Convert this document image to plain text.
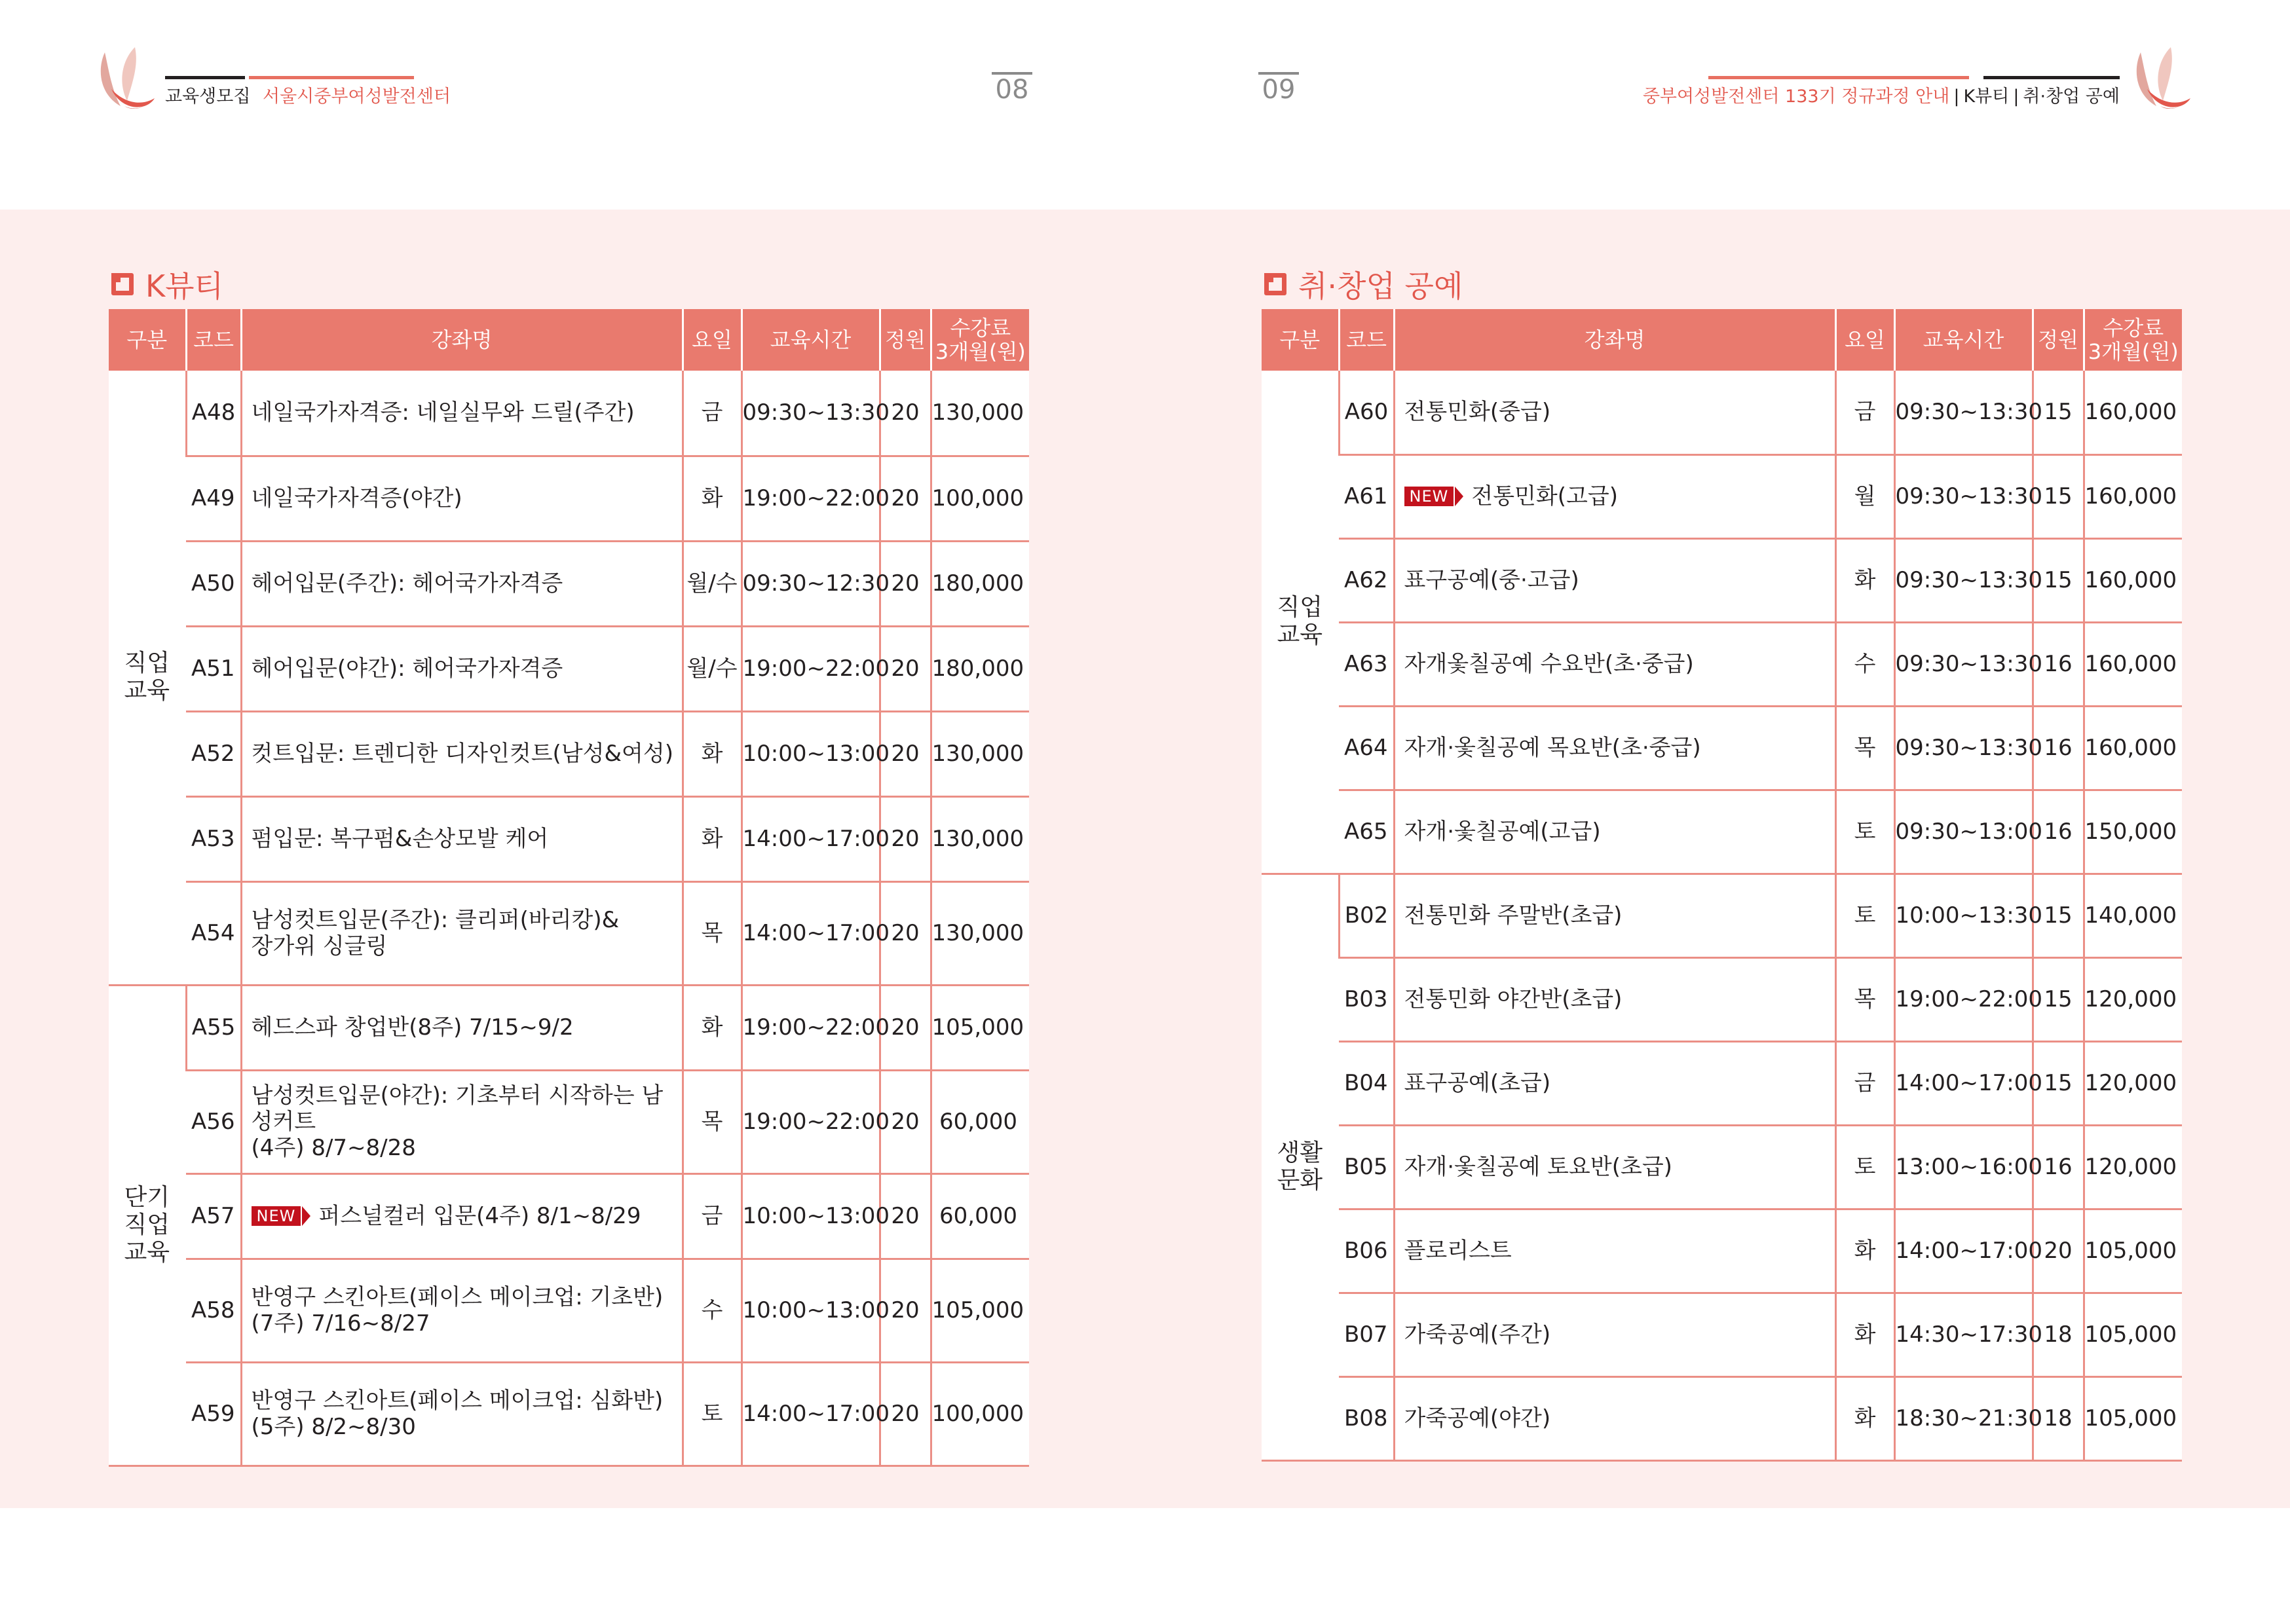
교육생모집 서울시중부여성발전센터	08	09	중부여성발전센터 133기 정규과정 안내 | K뷰티 | 취·창업 공예
K뷰티	취·창업 공예
구분	코드	강좌명	요일	교육시간	정원	수강료
3개월(원)
직업
교육	A48	네일국가자격증: 네일실무와 드릴(주간)	금	09:30~13:30	20	130,000
	A49	네일국가자격증(야간)	화	19:00~22:00	20	100,000
	A50	헤어입문(주간): 헤어국가자격증	월/수	09:30~12:30	20	180,000
	A51	헤어입문(야간): 헤어국가자격증	월/수	19:00~22:00	20	180,000
	A52	컷트입문: 트렌디한 디자인컷트(남성&여성)	화	10:00~13:00	20	130,000
	A53	펌입문: 복구펌&손상모발 케어	화	14:00~17:00	20	130,000
	A54	남성컷트입문(주간): 클리퍼(바리캉)&
장가위 싱글링	목	14:00~17:00	20	130,000
단기
직업
교육	A55	헤드스파 창업반(8주) 7/15~9/2	화	19:00~22:00	20	105,000
	A56	남성컷트입문(야간): 기초부터 시작하는 남성커트
(4주) 8/7~8/28	목	19:00~22:00	20	60,000
	A57	NEW 퍼스널컬러 입문(4주) 8/1~8/29	금	10:00~13:00	20	60,000
	A58	반영구 스킨아트(페이스 메이크업: 기초반)
(7주) 7/16~8/27	수	10:00~13:00	20	105,000
	A59	반영구 스킨아트(페이스 메이크업: 심화반)
(5주) 8/2~8/30	토	14:00~17:00	20	100,000
구분	코드	강좌명	요일	교육시간	정원	수강료
3개월(원)
직업
교육	A60	전통민화(중급)	금	09:30~13:30	15	160,000
	A61	NEW 전통민화(고급)	월	09:30~13:30	15	160,000
	A62	표구공예(중·고급)	화	09:30~13:30	15	160,000
	A63	자개옻칠공예 수요반(초·중급)	수	09:30~13:30	16	160,000
	A64	자개·옻칠공예 목요반(초·중급)	목	09:30~13:30	16	160,000
	A65	자개·옻칠공예(고급)	토	09:30~13:00	16	150,000
생활
문화	B02	전통민화 주말반(초급)	토	10:00~13:30	15	140,000
	B03	전통민화 야간반(초급)	목	19:00~22:00	15	120,000
	B04	표구공예(초급)	금	14:00~17:00	15	120,000
	B05	자개·옻칠공예 토요반(초급)	토	13:00~16:00	16	120,000
	B06	플로리스트	화	14:00~17:00	20	105,000
	B07	가죽공예(주간)	화	14:30~17:30	18	105,000
	B08	가죽공예(야간)	화	18:30~21:30	18	105,000
